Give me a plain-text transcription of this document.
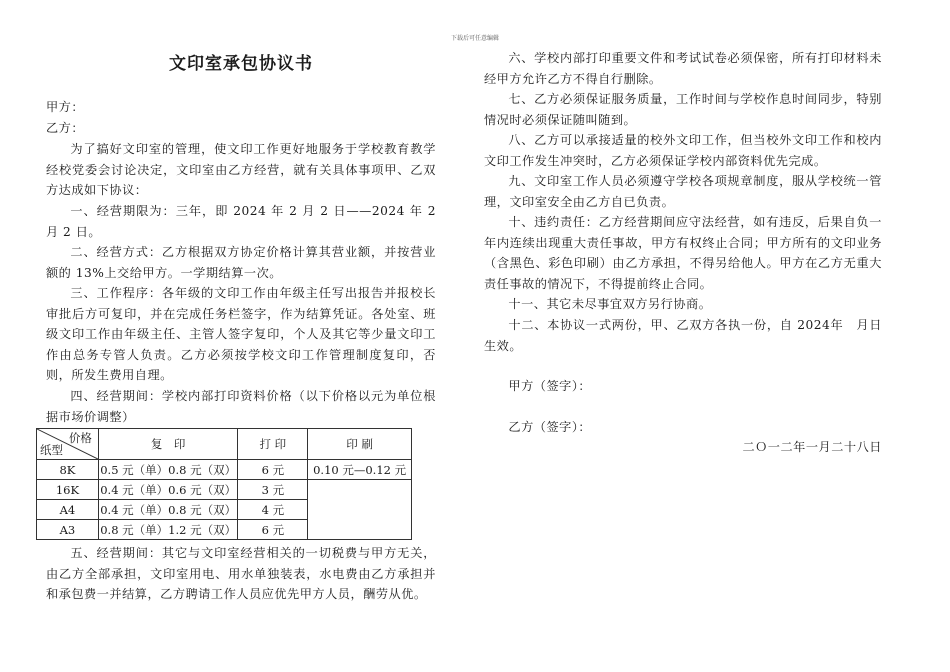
下载后可任意编辑
文印室承包协议书

甲方：

乙方：

为了搞好文印室的管理，使文印工作更好地服务于学校教育教学经校党委会讨论决定，文印室由乙方经营，就有关具体事项甲、乙双方达成如下协议：

一、经营期限为：三年，即 2024 年 2 月 2 日——2024 年 2 月 2 日。

二、经营方式：乙方根据双方协定价格计算其营业额，并按营业额的 13%上交给甲方。一学期结算一次。

三、工作程序：各年级的文印工作由年级主任写出报告并报校长审批后方可复印，并在完成任务栏签字，作为结算凭证。各处室、班级文印工作由年级主任、主管人签字复印，个人及其它等少量文印工作由总务专管人负责。乙方必须按学校文印工作管理制度复印，否则，所发生费用自理。

四、经营期间：学校内部打印资料价格（以下价格以元为单位根据市场价调整）

五、经营期间：其它与文印室经营相关的一切税费与甲方无关，由乙方全部承担，文印室用电、用水单独装表，水电费由乙方承担并和承包费一并结算，乙方聘请工作人员应优先甲方人员，酬劳从优。

价格
纸型	复　印	打 印	印 刷
8K	0.5 元（单）0.8 元（双）	6 元	0.10 元—0.12 元
16K	0.4 元（单）0.6 元（双）	3 元	
A4	0.4 元（单）0.8 元（双）	4 元	
A3	0.8 元（单）1.2 元（双）	6 元	

六、学校内部打印重要文件和考试试卷必须保密，所有打印材料未经甲方允许乙方不得自行删除。

七、乙方必须保证服务质量，工作时间与学校作息时间同步，特别情况时必须保证随叫随到。

八、乙方可以承接适量的校外文印工作，但当校外文印工作和校内文印工作发生冲突时，乙方必须保证学校内部资料优先完成。

九、文印室工作人员必须遵守学校各项规章制度，服从学校统一管理，文印室安全由乙方自已负责。

十、违约责任：乙方经营期间应守法经营，如有违反，后果自负一年内连续出现重大责任事故，甲方有权终止合同；甲方所有的文印业务（含黑色、彩色印刷）由乙方承担，不得另给他人。甲方在乙方无重大责任事故的情况下，不得提前终止合同。

十一、其它未尽事宜双方另行协商。

十二、本协议一式两份，甲、乙双方各执一份，自 2024年　月日生效。

甲方（签字）：

乙方（签字）：

二Ｏ一二年一月二十八日
